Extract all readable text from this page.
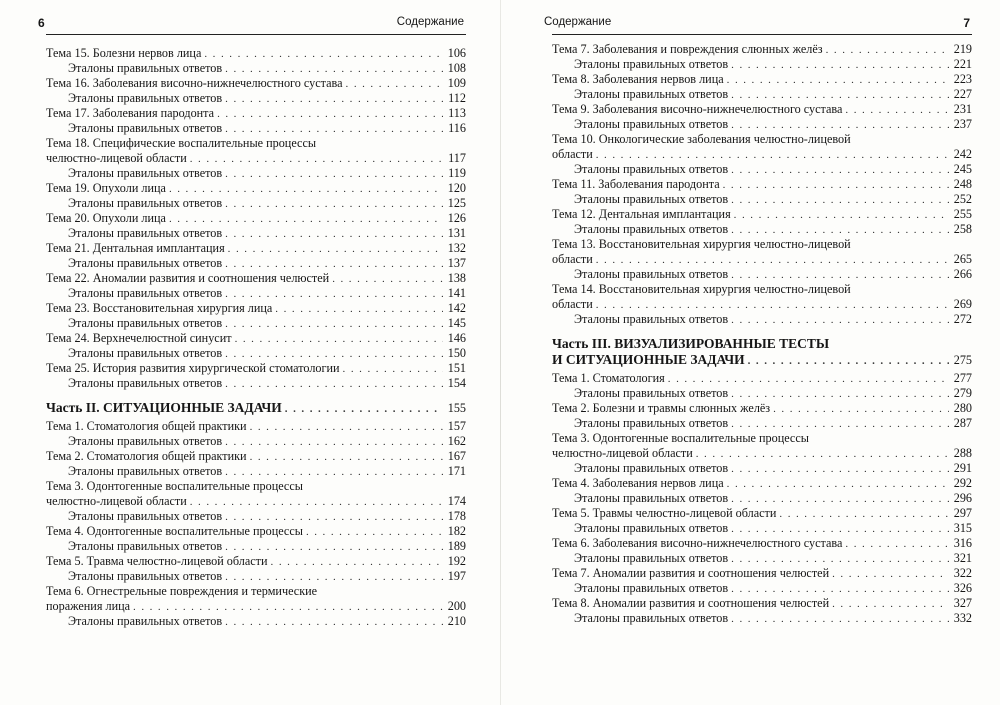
6	Содержание
Тема 15. Болезни нервов лица . . .	106
Эталоны правильных ответов . . .	108
Тема 16. Заболевания височно-нижнечелюстного сустава . . .	109
Эталоны правильных ответов . . .	112
Тема 17. Заболевания пародонта . . .	113
Эталоны правильных ответов . . .	116
Тема 18. Специфические воспалительные процессы
челюстно-лицевой области . . .	117
Эталоны правильных ответов . . .	119
Тема 19. Опухоли лица . . .	120
Эталоны правильных ответов . . .	125
Тема 20. Опухоли лица . . .	126
Эталоны правильных ответов . . .	131
Тема 21. Дентальная имплантация . . .	132
Эталоны правильных ответов . . .	137
Тема 22. Аномалии развития и соотношения челюстей . . .	138
Эталоны правильных ответов . . .	141
Тема 23. Восстановительная хирургия лица . . .	142
Эталоны правильных ответов . . .	145
Тема 24. Верхнечелюстной синусит . . .	146
Эталоны правильных ответов . . .	150
Тема 25. История развития хирургической стоматологии . . .	151
Эталоны правильных ответов . . .	154
Часть II. СИТУАЦИОННЫЕ ЗАДАЧИ . . .	155
Тема 1. Стоматология общей практики . . .	157
Эталоны правильных ответов . . .	162
Тема 2. Стоматология общей практики . . .	167
Эталоны правильных ответов . . .	171
Тема 3. Одонтогенные воспалительные процессы
челюстно-лицевой области . . .	174
Эталоны правильных ответов . . .	178
Тема 4. Одонтогенные воспалительные процессы . . .	182
Эталоны правильных ответов . . .	189
Тема 5. Травма челюстно-лицевой области . . .	192
Эталоны правильных ответов . . .	197
Тема 6. Огнестрельные повреждения и термические
поражения лица . . .	200
Эталоны правильных ответов . . .	210
Содержание	7
Тема 7. Заболевания и повреждения слюнных желёз . . .	219
Эталоны правильных ответов . . .	221
Тема 8. Заболевания нервов лица . . .	223
Эталоны правильных ответов . . .	227
Тема 9. Заболевания височно-нижнечелюстного сустава . . .	231
Эталоны правильных ответов . . .	237
Тема 10. Онкологические заболевания челюстно-лицевой
области . . .	242
Эталоны правильных ответов . . .	245
Тема 11. Заболевания пародонта . . .	248
Эталоны правильных ответов . . .	252
Тема 12. Дентальная имплантация . . .	255
Эталоны правильных ответов . . .	258
Тема 13. Восстановительная хирургия челюстно-лицевой
области . . .	265
Эталоны правильных ответов . . .	266
Тема 14. Восстановительная хирургия челюстно-лицевой
области . . .	269
Эталоны правильных ответов . . .	272
Часть III. ВИЗУАЛИЗИРОВАННЫЕ ТЕСТЫ
И СИТУАЦИОННЫЕ ЗАДАЧИ . . .	275
Тема 1. Стоматология . . .	277
Эталоны правильных ответов . . .	279
Тема 2. Болезни и травмы слюнных желёз . . .	280
Эталоны правильных ответов . . .	287
Тема 3. Одонтогенные воспалительные процессы
челюстно-лицевой области . . .	288
Эталоны правильных ответов . . .	291
Тема 4. Заболевания нервов лица . . .	292
Эталоны правильных ответов . . .	296
Тема 5. Травмы челюстно-лицевой области . . .	297
Эталоны правильных ответов . . .	315
Тема 6. Заболевания височно-нижнечелюстного сустава . . .	316
Эталоны правильных ответов . . .	321
Тема 7. Аномалии развития и соотношения челюстей . . .	322
Эталоны правильных ответов . . .	326
Тема 8. Аномалии развития и соотношения челюстей . . .	327
Эталоны правильных ответов . . .	332
